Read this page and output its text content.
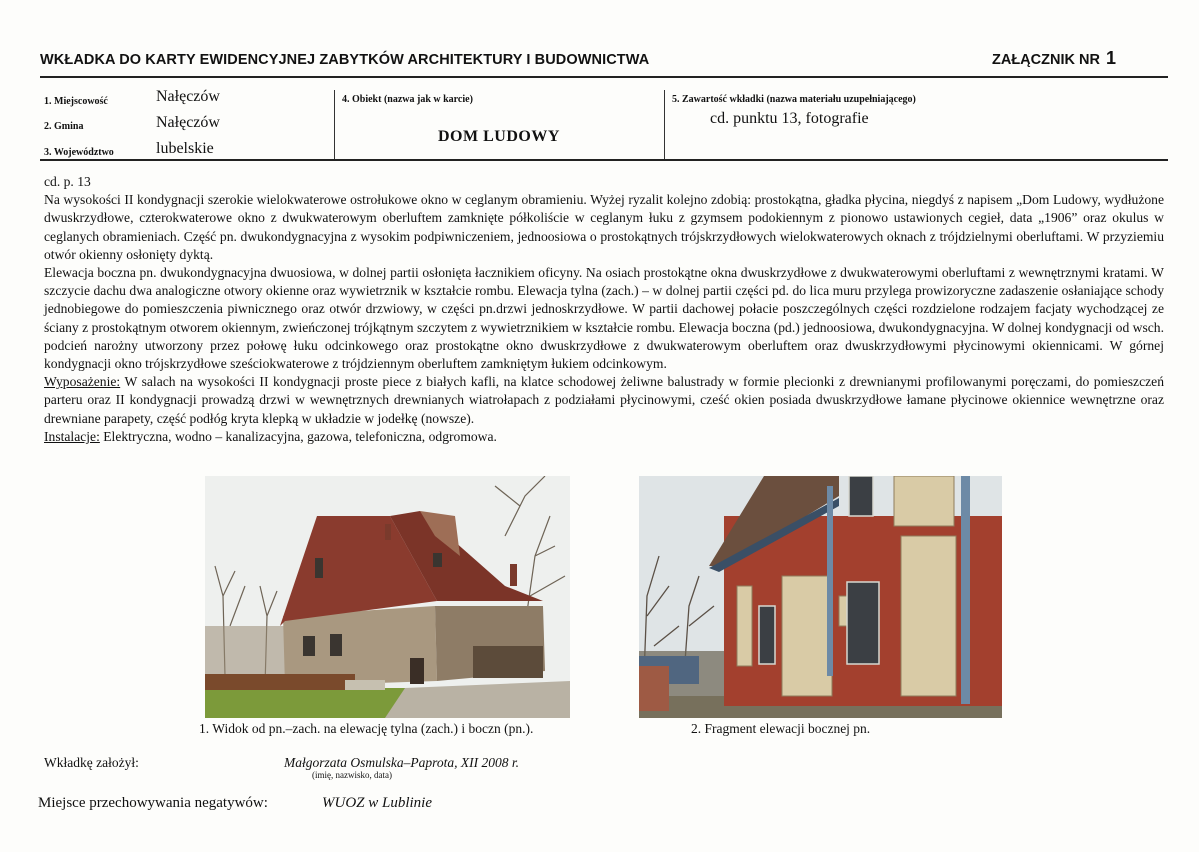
WKŁADKA DO KARTY EWIDENCYJNEJ ZABYTKÓW ARCHITEKTURY I BUDOWNICTWA	ZAŁĄCZNIK NR 1
1. Miejscowość	Nałęczów
2. Gmina	Nałęczów
3. Województwo	lubelskie
4. Obiekt (nazwa jak w karcie)
DOM LUDOWY
5. Zawartość wkładki (nazwa materiału uzupełniającego)
cd. punktu 13, fotografie

cd. p. 13

Na wysokości II kondygnacji szerokie wielokwaterowe ostrołukowe okno w ceglanym obramieniu. Wyżej ryzalit kolejno zdobią: prostokątna, gładka płycina, niegdyś z napisem „Dom Ludowy, wydłużone dwuskrzydłowe, czterokwaterowe okno z dwukwaterowym oberluftem zamknięte półkoliście w ceglanym łuku z gzymsem podokiennym z pionowo ustawionych cegieł, data „1906” oraz okulus w ceglanych obramieniach. Część pn. dwukondygnacyjna z wysokim podpiwniczeniem, jednoosiowa o prostokątnych trójskrzydłowych wielokwaterowych oknach z trójdzielnymi oberluftami. W przyziemiu otwór okienny osłonięty dyktą.

Elewacja boczna pn. dwukondygnacyjna dwuosiowa, w dolnej partii osłonięta łacznikiem oficyny. Na osiach prostokątne okna dwuskrzydłowe z dwukwaterowymi oberluftami z wewnętrznymi kratami. W szczycie dachu dwa analogiczne otwory okienne oraz wywietrznik w kształcie rombu. Elewacja tylna (zach.) – w dolnej partii części pd. do lica muru przylega prowizoryczne zadaszenie osłaniające schody jednobiegowe do pomieszczenia piwnicznego oraz otwór drzwiowy, w części pn.drzwi jednoskrzydłowe. W partii dachowej połacie poszczególnych części rozdzielone rodzajem facjaty wychodzącej ze ściany z prostokątnym otworem okiennym, zwieńczonej trójkątnym szczytem z wywietrznikiem w kształcie rombu. Elewacja boczna (pd.) jednoosiowa, dwukondygnacyjna. W dolnej kondygnacji od wsch. podcień narożny utworzony przez połowę łuku odcinkowego oraz prostokątne okno dwuskrzydłowe z dwukwaterowym oberluftem oraz dwuskrzydłowymi płycinowymi okiennicami. W górnej kondygnacji okno trójskrzydłowe sześciokwaterowe z trójdziennym oberluftem zamkniętym łukiem odcinkowym.

Wyposażenie: W salach na wysokości II kondygnacji proste piece z białych kafli, na klatce schodowej żeliwne balustrady w formie plecionki z drewnianymi profilowanymi poręczami, do pomieszczeń parteru oraz II kondygnacji prowadzą drzwi w wewnętrznych drewnianych wiatrołapach z podziałami płycinowymi, cześć okien posiada dwuskrzydłowe łamane płycinowe okiennice wewnętrzne oraz drewniane parapety, część podłóg kryta klepką w układzie w jodełkę (nowsze).

Instalacje: Elektryczna, wodno – kanalizacyjna, gazowa, telefoniczna, odgromowa.

1. Widok od pn.–zach. na elewację tylna (zach.) i boczn (pn.).	2. Fragment elewacji bocznej pn.
Wkładkę założył:	Małgorzata Osmulska–Paprota, XII 2008 r.
(imię, nazwisko, data)
Miejsce przechowywania negatywów:	WUOZ w Lublinie
